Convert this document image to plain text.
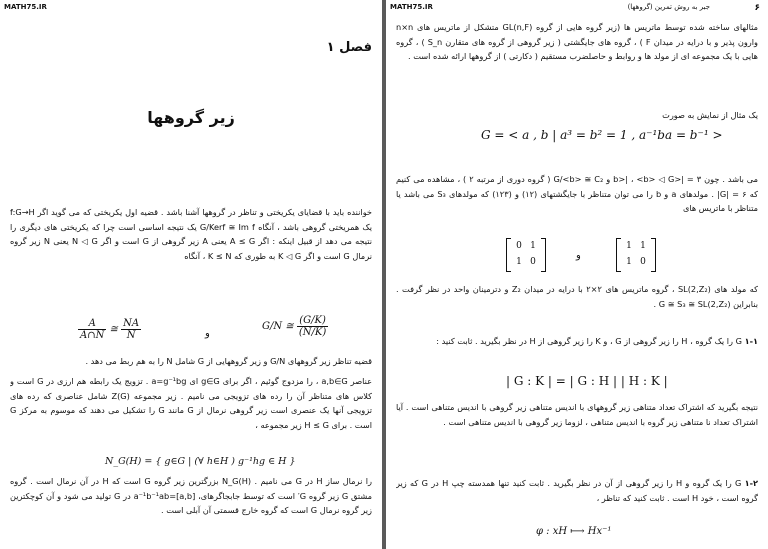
MATH75.IR
فصل ۱
زیر گروهها
خواننده باید با قضایای یکریختی و تناظر در گروهها آشنا باشد . قضیه اول یکریختی که می گوید اگر f:G→H یک همریختی گروهی باشد ، آنگاه G/Kerf ≅ Im f یک نتیجه اساسی است چرا که یکریختی های دیگری را نتیجه می دهد از قبیل اینکه : اگر A ≤ G یعنی A زیر گروهی از G است و اگر N ◁ G یعنی N زیر گروه نرمال G است و اگر K ◁ G به طوری که K ≤ N ، آنگاه
$\frac{A}{A\cap N}$ ≅ $\frac{NA}{N}$	و
G/N ≅ $\frac{(G/K)}{(N/K)}$
قضیه تناظر زیر گروههای G/N و زیر گروههایی از G شامل N را به هم ربط می دهد .
عناصر a,b∈G ، را مزدوج گوئیم ، اگر برای g∈G ای a=g⁻¹bg . تزویج یک رابطه هم ارزی در G است و کلاس های متناظر آن را رده های تزویجی می نامیم . زیر مجموعه Z(G) شامل عناصری که رده های تزویجی آنها یک عنصری است زیر گروهی نرمال از G مانند G را تشکیل می دهند که موسوم به مرکز G است . برای H ≤ G زیر مجموعه ،
N_G(H) = { g∈G | (∀ h∈H ) g⁻¹hg ∈ H }
را نرمال ساز H در G می نامیم . N_G(H) بزرگترین زیر گروه G است که H در آن نرمال است . گروه مشتق G زیر گروه G′ است که توسط جابجاگرهای، [a,b]=a⁻¹b⁻¹ab در G تولید می شود و آن کوچکترین زیر گروه نرمال G است که گروه خارج قسمتی آن آبلی است .
MATH75.IR	جبر به روش تمرین (گروهها)	۶
مثالهای ساخته شده توسط ماتریس ها (زیر گروه هایی از گروه GL(n,F) متشکل از ماتریس های n×n وارون پذیر و با درایه در میدان F ) ، گروه های جایگشتی ( زیر گروهی از گروه های متقارن S_n ) ، گروه هایی با یک مجموعه ای از مولد ها و روابط و حاصلضرب مستقیم ( دکارتی ) از گروهها ارائه شده است .
یک مثال از نمایش به صورت
G = < a , b | a³ = b² = 1 , a⁻¹ba = b⁻¹ >
می باشد . چون ۳ = |<b>| ، <b> ◁ G و G/<b> ≅ C₂ ( گروه دوری از مرتبه ۲ ) ، مشاهده می کنیم که ۶ = |G| . مولدهای a و b را می توان متناظر با جایگشتهای (۱۲) و (۱۲۳) که مولدهای S₃ می باشد یا متناظر با ماتریس های
0 1
1 0
و
1 1
1 0
که مولد های SL(2,Z₂) ، گروه ماتریس های ۲×۲ با درایه در میدان Z₂ و دترمینان واحد در نظر گرفت . بنابراین G ≅ S₃ ≅ SL(2,Z₂) .
۱-۱ G را یک گروه ، H را زیر گروهی از G ، و K را زیر گروهی از H در نظر بگیرید . ثابت کنید :
| G : K | = | G : H | | H : K |
نتیجه بگیرید که اشتراک تعداد متناهی زیر گروههای با اندیس متناهی زیر گروهی با اندیس متناهی است . آیا اشتراک تعداد نا متناهی زیر گروه با اندیس متناهی ، لزوما زیر گروهی با اندیس متناهی است .
۱-۲ G را یک گروه و H را زیر گروهی از آن در نظر بگیرید . ثابت کنید تنها همدسته چپ H در G که زیر گروه است ، خود H است . ثابت کنید که تناظر ،
φ : xH ⟼ Hx⁻¹
